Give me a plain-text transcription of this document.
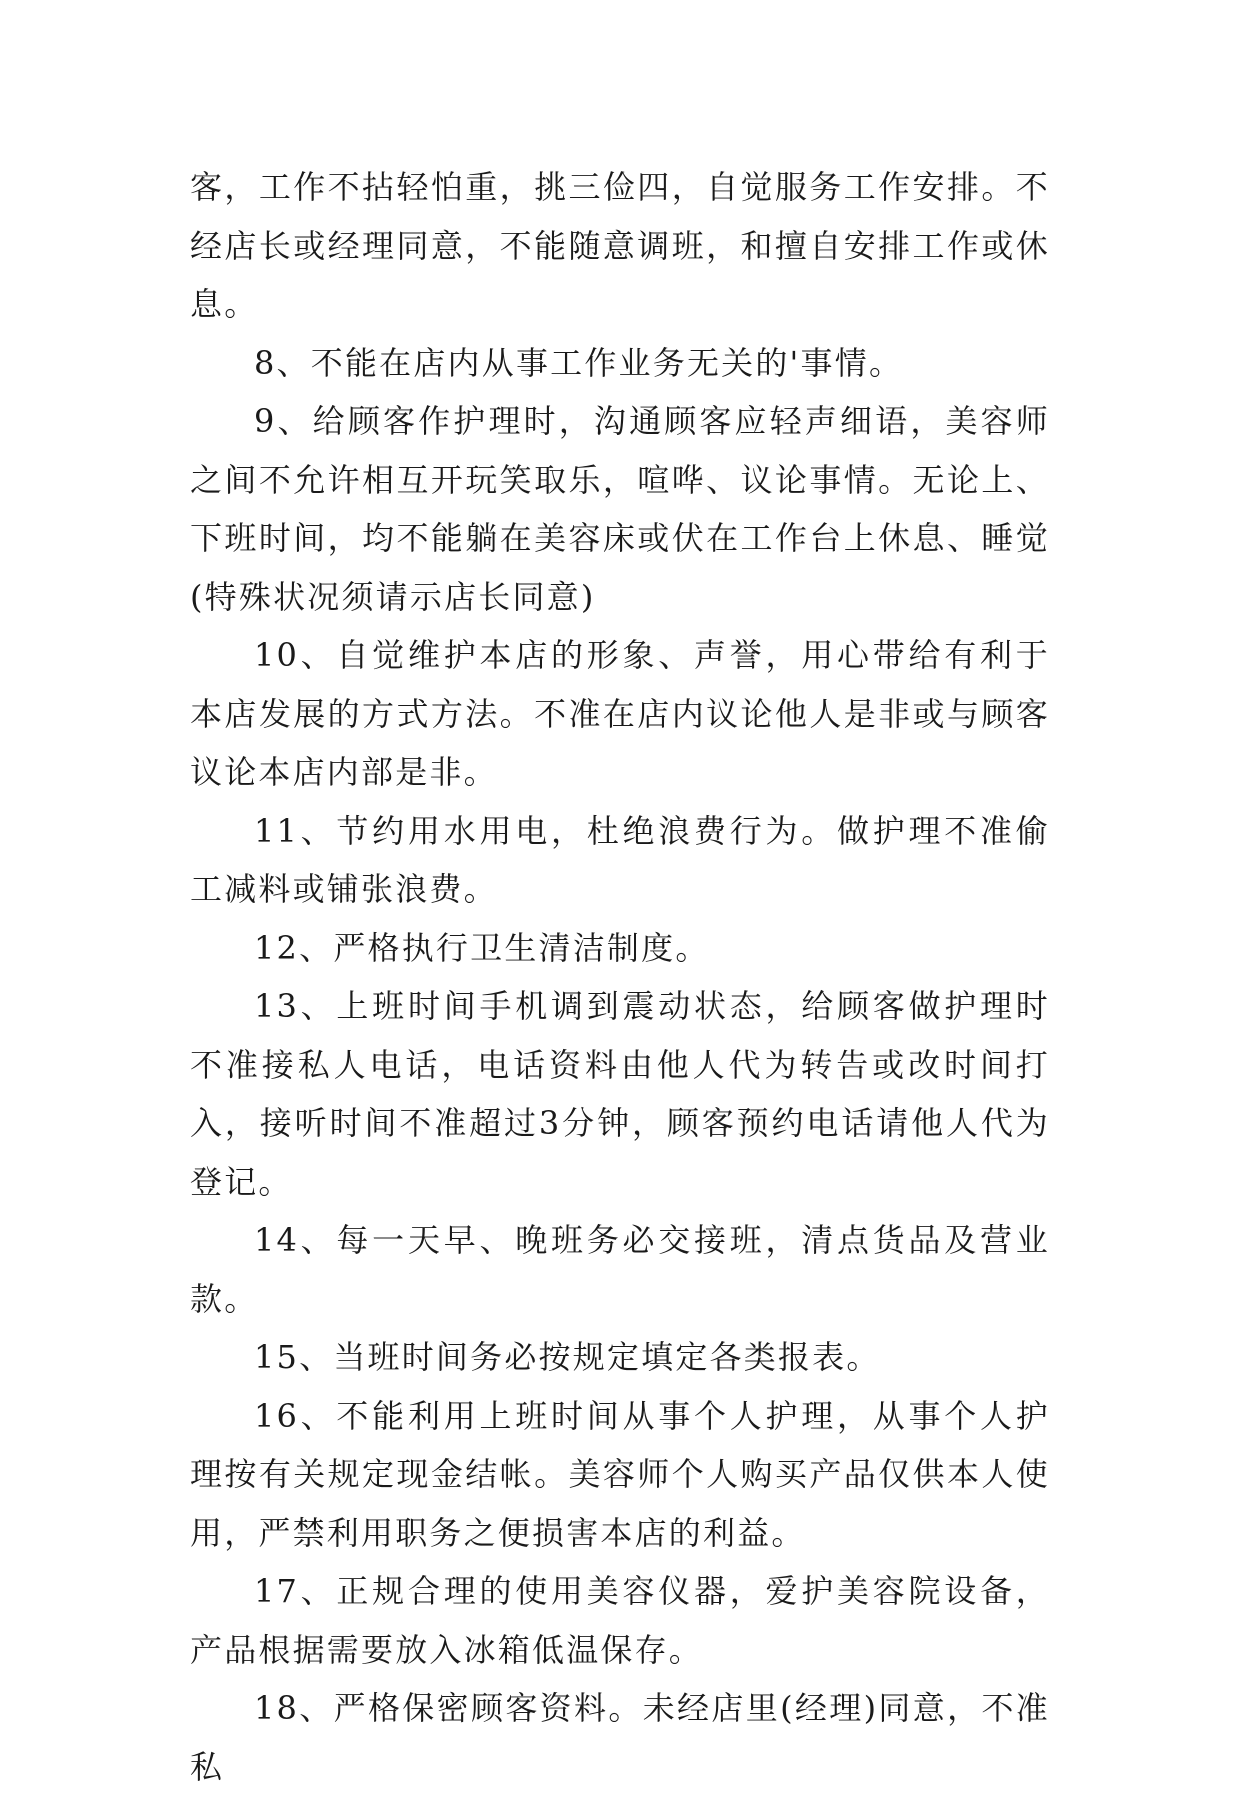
客，工作不拈轻怕重，挑三俭四，自觉服务工作安排。不经店长或经理同意，不能随意调班，和擅自安排工作或休息。

8、不能在店内从事工作业务无关的'事情。

9、给顾客作护理时，沟通顾客应轻声细语，美容师之间不允许相互开玩笑取乐，喧哗、议论事情。无论上、下班时间，均不能躺在美容床或伏在工作台上休息、睡觉(特殊状况须请示店长同意)

10、自觉维护本店的形象、声誉，用心带给有利于本店发展的方式方法。不准在店内议论他人是非或与顾客议论本店内部是非。

11、节约用水用电，杜绝浪费行为。做护理不准偷工减料或铺张浪费。

12、严格执行卫生清洁制度。

13、上班时间手机调到震动状态，给顾客做护理时不准接私人电话，电话资料由他人代为转告或改时间打入，接听时间不准超过3分钟，顾客预约电话请他人代为登记。

14、每一天早、晚班务必交接班，清点货品及营业款。

15、当班时间务必按规定填定各类报表。

16、不能利用上班时间从事个人护理，从事个人护理按有关规定现金结帐。美容师个人购买产品仅供本人使用，严禁利用职务之便损害本店的利益。

17、正规合理的使用美容仪器，爱护美容院设备，产品根据需要放入冰箱低温保存。

18、严格保密顾客资料。未经店里(经理)同意，不准私
